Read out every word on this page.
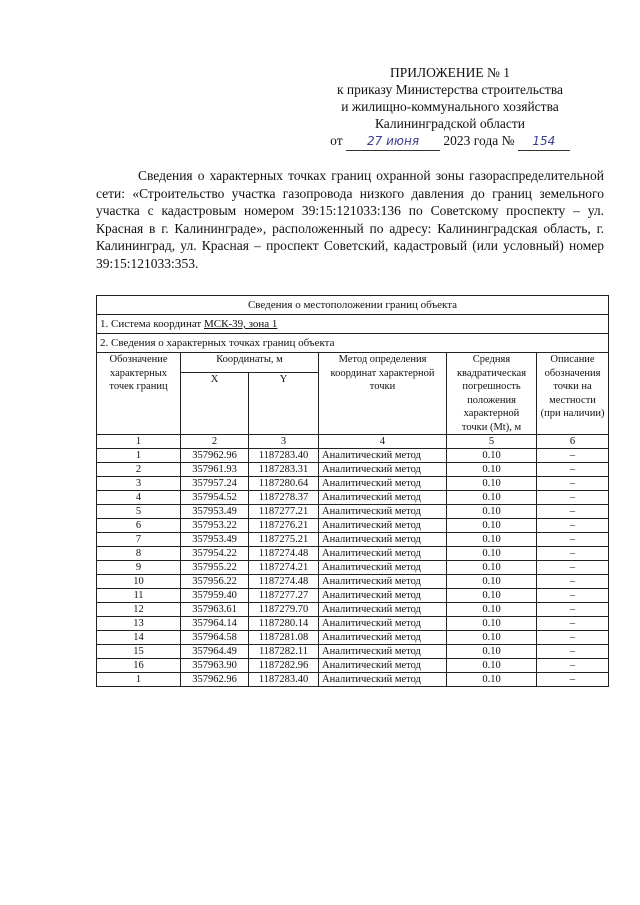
ПРИЛОЖЕНИЕ № 1
к приказу Министерства строительства
и жилищно-коммунального хозяйства
Калининградской области
от 27 июня 2023 года № 154

Сведения о характерных точках границ охранной зоны газораспределительной сети: «Строительство участка газопровода низкого давления до границ земельного участка с кадастровым номером 39:15:121033:136 по Советскому проспекту – ул. Красная в г. Калининграде», расположенный по адресу: Калининградская область, г. Калининград, ул. Красная – проспект Советский, кадастровый (или условный) номер 39:15:121033:353.

Сведения о местоположении границ объекта					
1. Система координат МСК-39, зона 1					
2. Сведения о характерных точках границ объекта					
Обозначение характерных точек границ	Координаты, м		Метод определения координат характерной точки	Средняя квадратическая погрешность положения характерной точки (Mt), м	Описание обозначения точки на местности (при наличии)
	X	Y			
1	2	3	4	5	6
1	357962.96	1187283.40	Аналитический метод	0.10	–
2	357961.93	1187283.31	Аналитический метод	0.10	–
3	357957.24	1187280.64	Аналитический метод	0.10	–
4	357954.52	1187278.37	Аналитический метод	0.10	–
5	357953.49	1187277.21	Аналитический метод	0.10	–
6	357953.22	1187276.21	Аналитический метод	0.10	–
7	357953.49	1187275.21	Аналитический метод	0.10	–
8	357954.22	1187274.48	Аналитический метод	0.10	–
9	357955.22	1187274.21	Аналитический метод	0.10	–
10	357956.22	1187274.48	Аналитический метод	0.10	–
11	357959.40	1187277.27	Аналитический метод	0.10	–
12	357963.61	1187279.70	Аналитический метод	0.10	–
13	357964.14	1187280.14	Аналитический метод	0.10	–
14	357964.58	1187281.08	Аналитический метод	0.10	–
15	357964.49	1187282.11	Аналитический метод	0.10	–
16	357963.90	1187282.96	Аналитический метод	0.10	–
1	357962.96	1187283.40	Аналитический метод	0.10	–
